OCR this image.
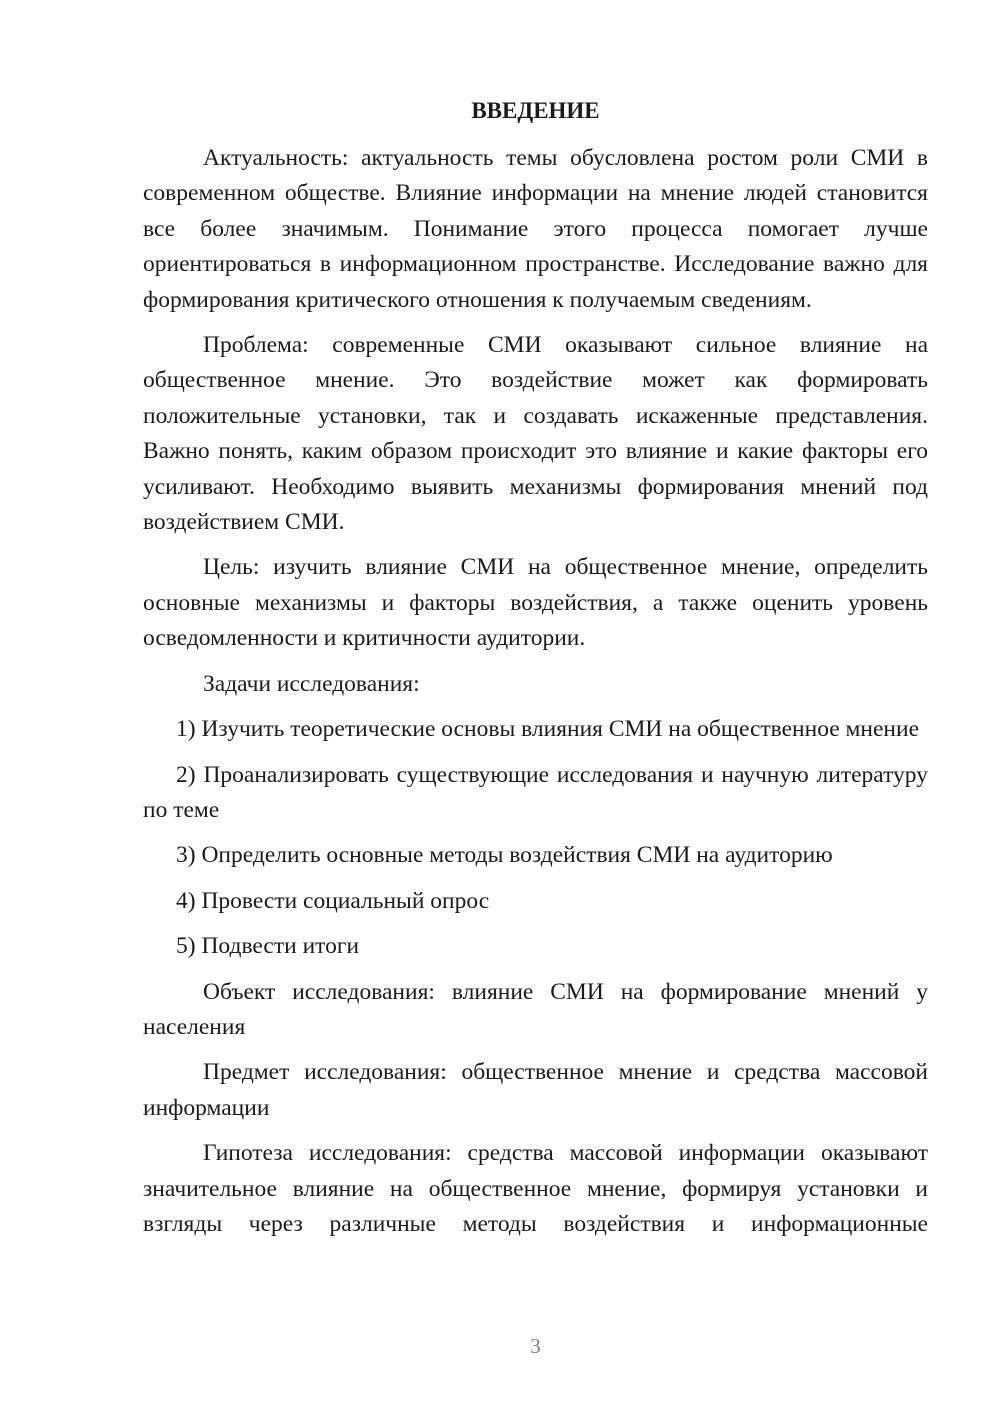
ВВЕДЕНИЕ

Актуальность: актуальность темы обусловлена ростом роли СМИ в современном обществе. Влияние информации на мнение людей становится все более значимым. Понимание этого процесса помогает лучше ориентироваться в информационном пространстве. Исследование важно для формирования критического отношения к получаемым сведениям.

Проблема: современные СМИ оказывают сильное влияние на общественное мнение. Это воздействие может как формировать положительные установки, так и создавать искаженные представления. Важно понять, каким образом происходит это влияние и какие факторы его усиливают. Необходимо выявить механизмы формирования мнений под воздействием СМИ.

Цель: изучить влияние СМИ на общественное мнение, определить основные механизмы и факторы воздействия, а также оценить уровень осведомленности и критичности аудитории.

Задачи исследования:

1) Изучить теоретические основы влияния СМИ на общественное мнение

2) Проанализировать существующие исследования и научную литературу по теме

3) Определить основные методы воздействия СМИ на аудиторию

4) Провести социальный опрос

5) Подвести итоги

Объект исследования: влияние СМИ на формирование мнений у населения

Предмет исследования: общественное мнение и средства массовой информации

Гипотеза исследования: средства массовой информации оказывают значительное влияние на общественное мнение, формируя установки и взгляды через различные методы воздействия и информационные

3
